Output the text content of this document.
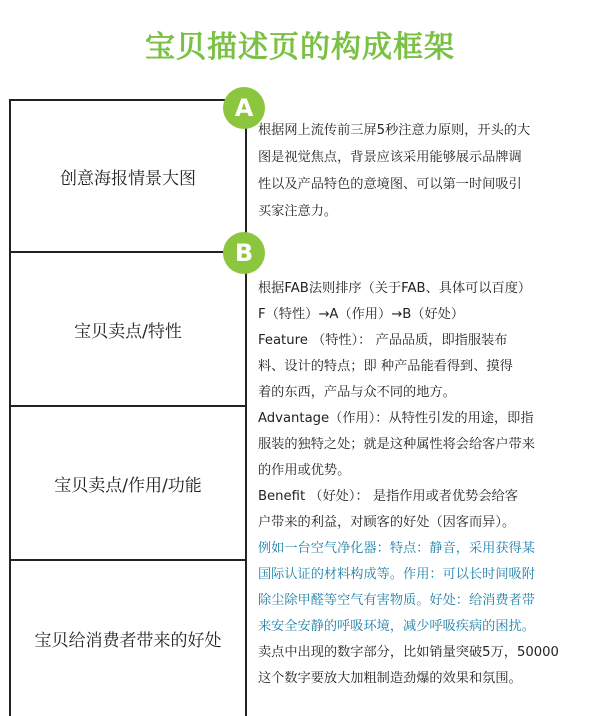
宝贝描述页的构成框架
创意海报情景大图
宝贝卖点/特性
宝贝卖点/作用/功能
宝贝给消费者带来的好处
A
B

根据网上流传前三屏5秒注意力原则，开头的大

图是视觉焦点，背景应该采用能够展示品牌调

性以及产品特色的意境图、可以第一时间吸引

买家注意力。

根据FAB法则排序（关于FAB、具体可以百度）

F（特性）→A（作用）→B（好处）

Feature （特性）： 产品品质，即指服装布

料、设计的特点；即 种产品能看得到、摸得

着的东西，产品与众不同的地方。

Advantage（作用）：从特性引发的用途，即指

服装的独特之处；就是这种属性将会给客户带来

的作用或优势。

Benefit （好处）： 是指作用或者优势会给客

户带来的利益，对顾客的好处（因客而异）。

例如一台空气净化器：特点：静音，采用获得某

国际认证的材料构成等。作用：可以长时间吸附

除尘除甲醛等空气有害物质。好处：给消费者带

来安全安静的呼吸环境，减少呼吸疾病的困扰。

卖点中出现的数字部分，比如销量突破5万，50000

这个数字要放大加粗制造劲爆的效果和氛围。
